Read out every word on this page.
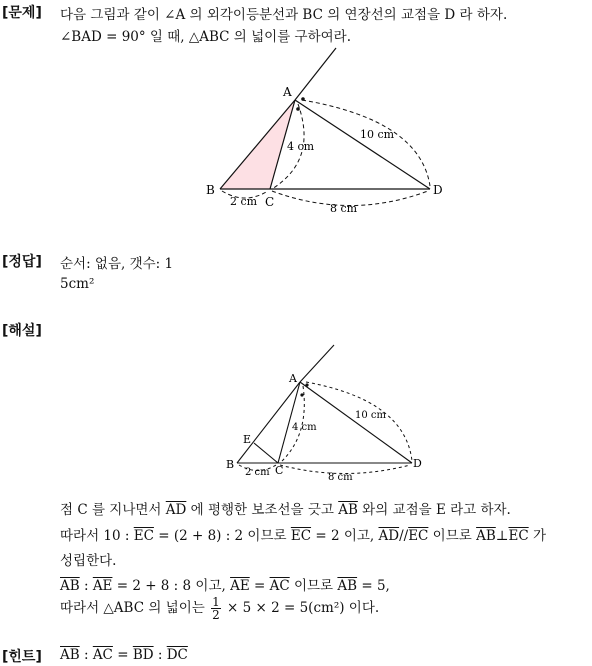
[문제] 다음 그림과 같이 ∠A 의 외각이등분선과 BC 의 연장선의 교점을 D 라 하자.
∠BAD = 90° 일 때, △ABC 의 넓이를 구하여라.
A
B
C
D
4 cm
10 cm
2 cm
8 cm
[정답] 순서: 없음, 갯수: 1
5cm²
[해설]
A
B	C
D
E
4 cm
10 cm
2 cm	8 cm
점 C 를 지나면서 $\overline{AD}$ 에 평행한 보조선을 긋고 $\overline{AB}$ 와의 교점을 E 라고 하자.
따라서 10 : $\overline{EC} = (2 + 8)$ : 2 이므로 $\overline{EC} = 2$ 이고, $\overline{AD}//\overline{EC}$ 이므로 $\overline{AB}\perp\overline{EC}$ 가
성립한다.
$\overline{AB}$ : $\overline{AE} = 2 + 8$ : 8 이고, $\overline{AE} = \overline{AC}$ 이므로 $\overline{AB} = 5$,
따라서 △ABC 의 넓이는 $\frac{1}{2} \times 5 \times 2 = 5(cm^2)$ 이다.
[힌트] $\overline{AB}$ : $\overline{AC} = \overline{BD}$ : $\overline{DC}$
